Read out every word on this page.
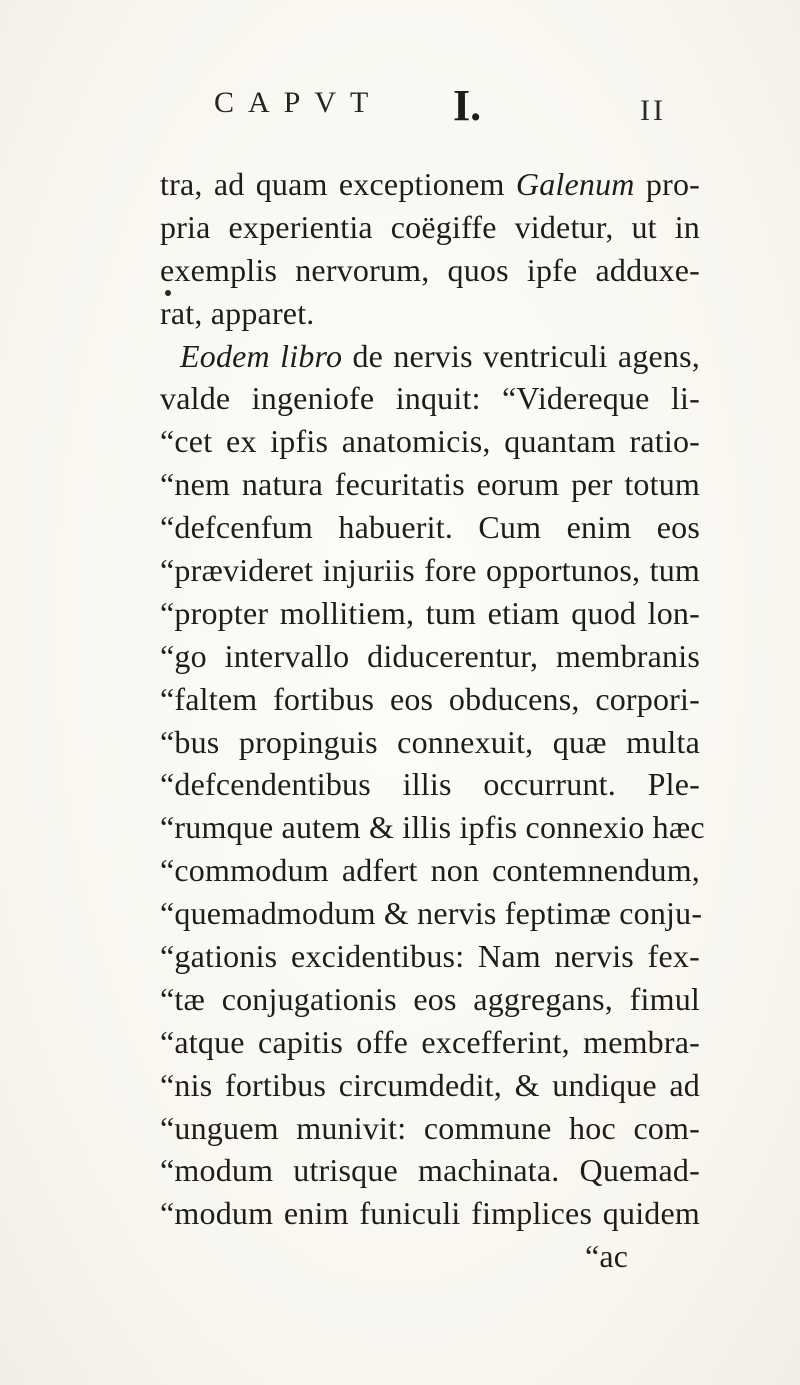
CAPVT I.	II
tra, ad quam exceptionem Galenum pro-
pria experientia coëgiffe videtur, ut in
exemplis nervorum, quos ipfe adduxe-
rat, apparet.
Eodem libro de nervis ventriculi agens,
valde ingeniofe inquit: “Videreque li-
“cet ex ipfis anatomicis, quantam ratio-
“nem natura fecuritatis eorum per totum
“defcenfum habuerit. Cum enim eos
“prævideret injuriis fore opportunos, tum
“propter mollitiem, tum etiam quod lon-
“go intervallo diducerentur, membranis
“faltem fortibus eos obducens, corpori-
“bus propinguis connexuit, quæ multa
“defcendentibus illis occurrunt. Ple-
“rumque autem & illis ipfis connexio hæc
“commodum adfert non contemnendum,
“quemadmodum & nervis feptimæ conju-
“gationis excidentibus: Nam nervis fex-
“tæ conjugationis eos aggregans, fimul
“atque capitis offe excefferint, membra-
“nis fortibus circumdedit, & undique ad
“unguem munivit: commune hoc com-
“modum utrisque machinata. Quemad-
“modum enim funiculi fimplices quidem
“ac
